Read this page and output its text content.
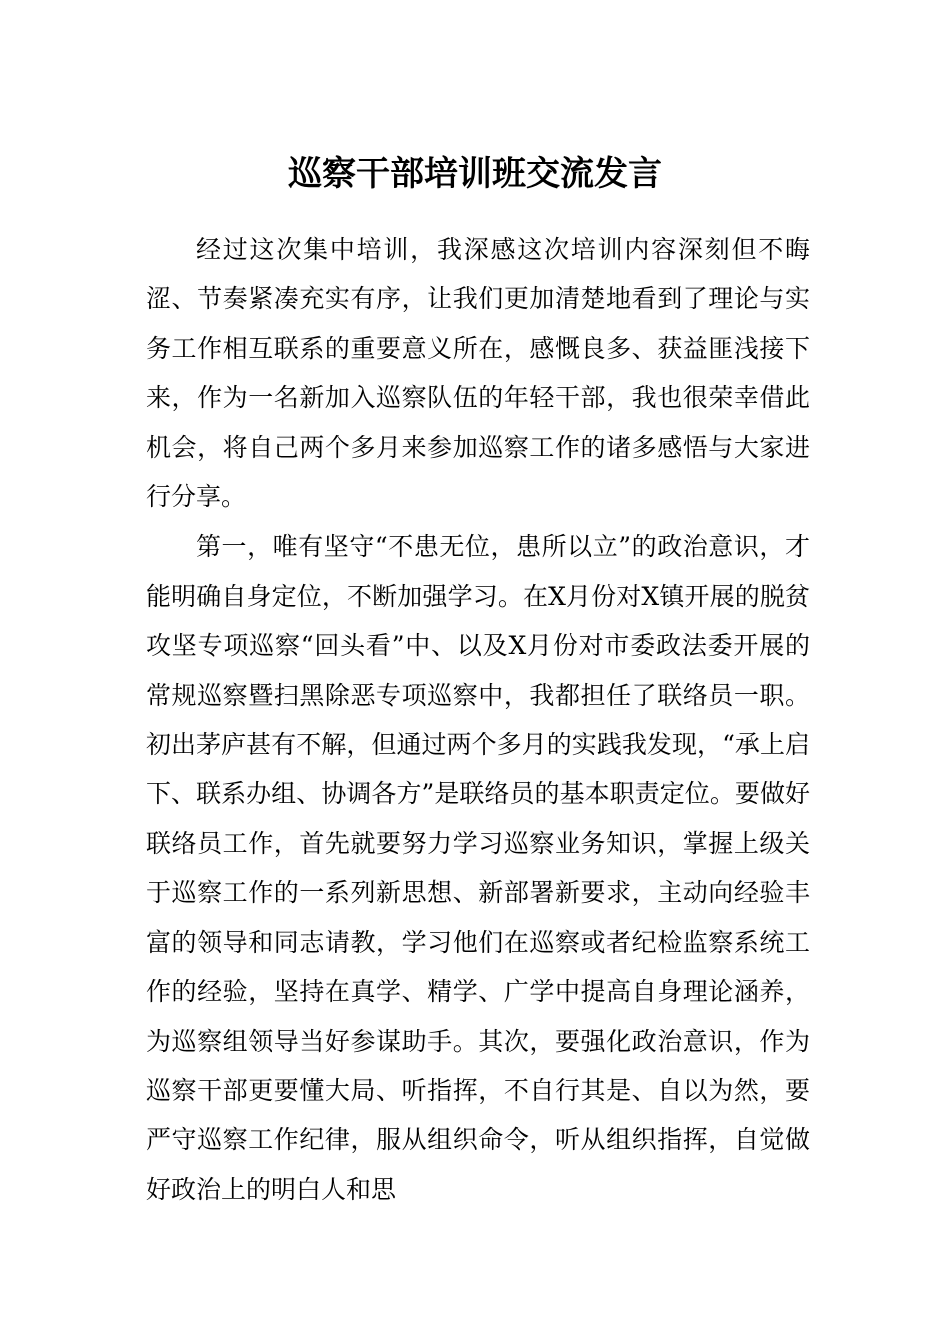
巡察干部培训班交流发言

经过这次集中培训，我深感这次培训内容深刻但不晦涩、节奏紧凑充实有序，让我们更加清楚地看到了理论与实务工作相互联系的重要意义所在，感慨良多、获益匪浅接下来，作为一名新加入巡察队伍的年轻干部，我也很荣幸借此机会，将自己两个多月来参加巡察工作的诸多感悟与大家进行分享。

第一，唯有坚守“不患无位，患所以立”的政治意识，才能明确自身定位，不断加强学习。在X月份对X镇开展的脱贫攻坚专项巡察“回头看”中、以及X月份对市委政法委开展的常规巡察暨扫黑除恶专项巡察中，我都担任了联络员一职。初出茅庐甚有不解，但通过两个多月的实践我发现，“承上启下、联系办组、协调各方”是联络员的基本职责定位。要做好联络员工作，首先就要努力学习巡察业务知识，掌握上级关于巡察工作的一系列新思想、新部署新要求，主动向经验丰富的领导和同志请教，学习他们在巡察或者纪检监察系统工作的经验，坚持在真学、精学、广学中提高自身理论涵养，为巡察组领导当好参谋助手。其次，要强化政治意识，作为巡察干部更要懂大局、听指挥，不自行其是、自以为然，要严守巡察工作纪律，服从组织命令，听从组织指挥，自觉做好政治上的明白人和思
